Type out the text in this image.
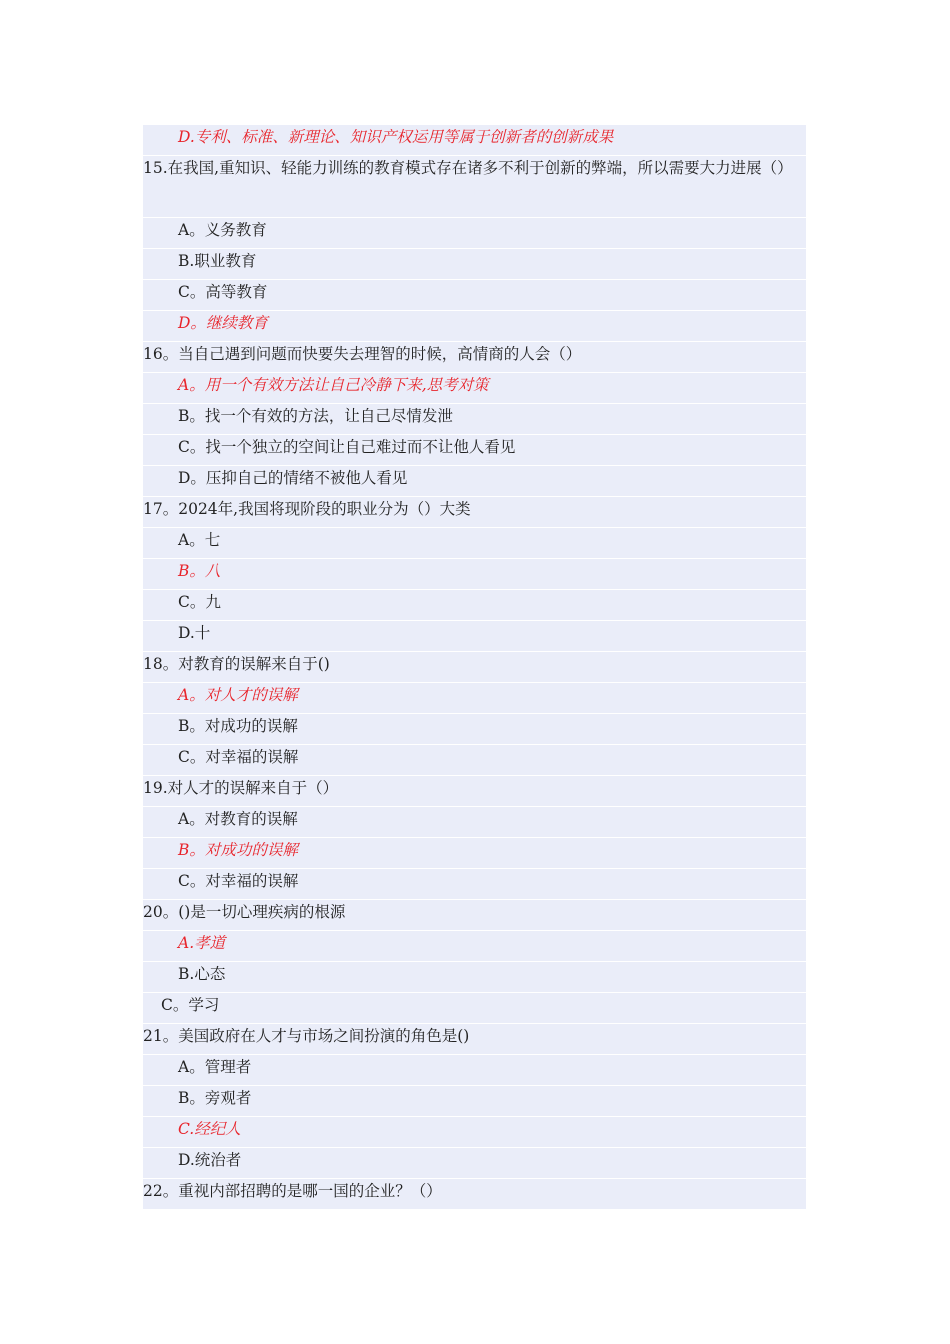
D.专利、标准、新理论、知识产权运用等属于创新者的创新成果
15.在我国,重知识、轻能力训练的教育模式存在诸多不利于创新的弊端，所以需要大力进展（）
A。义务教育
B.职业教育
C。高等教育
D。继续教育
16。当自己遇到问题而快要失去理智的时候，高情商的人会（）
A。用一个有效方法让自己冷静下来,思考对策
B。找一个有效的方法，让自己尽情发泄
C。找一个独立的空间让自己难过而不让他人看见
D。压抑自己的情绪不被他人看见
17。2024年,我国将现阶段的职业分为（）大类
A。七
B。八
C。九
D.十
18。对教育的误解来自于()
A。对人才的误解
B。对成功的误解
C。对幸福的误解
19.对人才的误解来自于（）
A。对教育的误解
B。对成功的误解
C。对幸福的误解
20。()是一切心理疾病的根源
A.孝道
B.心态
C。学习
21。美国政府在人才与市场之间扮演的角色是()
A。管理者
B。旁观者
C.经纪人
D.统治者
22。重视内部招聘的是哪一国的企业？（）
